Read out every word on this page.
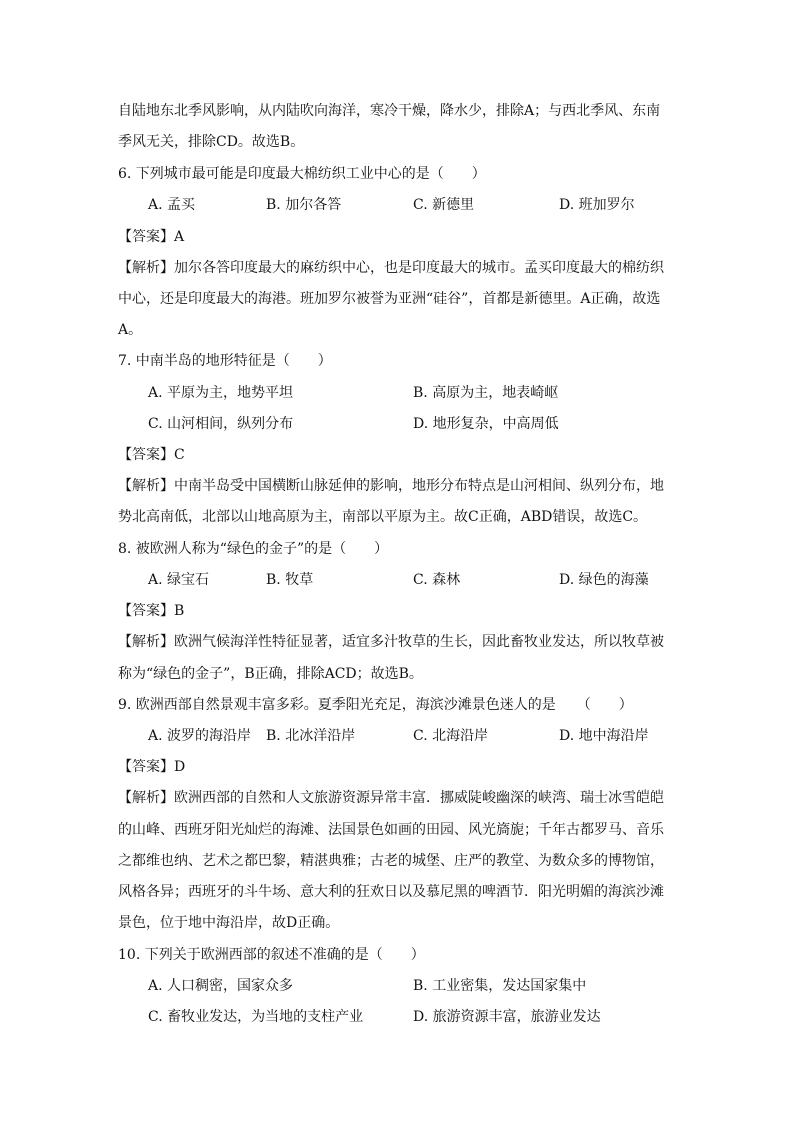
自陆地东北季风影响，从内陆吹向海洋，寒冷干燥，降水少，排除A；与西北季风、东南
季风无关，排除CD。故选B。
6. 下列城市最可能是印度最大棉纺织工业中心的是（　　）
A. 孟买	B. 加尔各答	C. 新德里	D. 班加罗尔
【答案】A
【解析】加尔各答印度最大的麻纺织中心，也是印度最大的城市。孟买印度最大的棉纺织
中心，还是印度最大的海港。班加罗尔被誉为亚洲“硅谷”，首都是新德里。A正确，故选
A。
7. 中南半岛的地形特征是（　　）
A. 平原为主，地势平坦	B. 高原为主，地表崎岖
C. 山河相间，纵列分布	D. 地形复杂，中高周低
【答案】C
【解析】中南半岛受中国横断山脉延伸的影响，地形分布特点是山河相间、纵列分布，地
势北高南低，北部以山地高原为主，南部以平原为主。故C正确，ABD错误，故选C。
8. 被欧洲人称为“绿色的金子”的是（　　）
A. 绿宝石	B. 牧草	C. 森林	D. 绿色的海藻
【答案】B
【解析】欧洲气候海洋性特征显著，适宜多汁牧草的生长，因此畜牧业发达，所以牧草被
称为“绿色的金子”，B正确，排除ACD；故选B。
9. 欧洲西部自然景观丰富多彩。夏季阳光充足，海滨沙滩景色迷人的是　　（　　）
A. 波罗的海沿岸 B. 北冰洋沿岸	C. 北海沿岸	D. 地中海沿岸
【答案】D
【解析】欧洲西部的自然和人文旅游资源异常丰富．挪威陡峻幽深的峡湾、瑞士冰雪皑皑
的山峰、西班牙阳光灿烂的海滩、法国景色如画的田园、风光旖旎；千年古都罗马、音乐
之都维也纳、艺术之都巴黎，精湛典雅；古老的城堡、庄严的教堂、为数众多的博物馆，
风格各异；西班牙的斗牛场、意大利的狂欢日以及慕尼黑的啤酒节．阳光明媚的海滨沙滩
景色，位于地中海沿岸，故D正确。
10. 下列关于欧洲西部的叙述不准确的是（　　）
A. 人口稠密，国家众多	B. 工业密集，发达国家集中
C. 畜牧业发达，为当地的支柱产业	D. 旅游资源丰富，旅游业发达
